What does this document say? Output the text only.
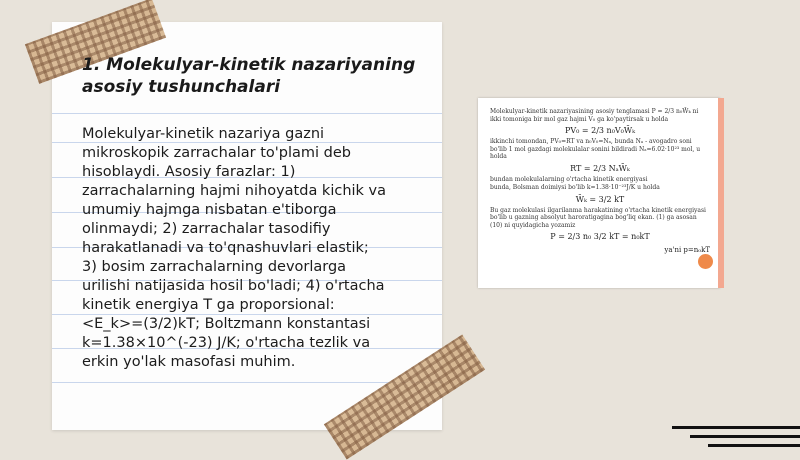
1. Molekulyar-kinetik nazariyaning asosiy tushunchalari
Molekulyar-kinetik nazariya gazni mikroskopik zarrachalar to'plami deb hisoblaydi. Asosiy farazlar: 1) zarrachalarning hajmi nihoyatda kichik va umumiy hajmga nisbatan e'tiborga olinmaydi; 2) zarrachalar tasodifiy harakatlanadi va to'qnashuvlari elastik; 3) bosim zarrachalarning devorlarga urilishi natijasida hosil bo'ladi; 4) o'rtacha kinetik energiya T ga proporsional: <E_k>=(3/2)kT; Boltzmann konstantasi k=1.38×10^(-23) J/K; o'rtacha tezlik va erkin yo'lak masofasi muhim.

Molekulyar-kinetik nazariyasining asosiy tenglamasi P = 2/3 n₀W̄ₖ ni ikki tomoniga bir mol gaz hajmi V₀ ga ko'paytirsak u holda

PV₀ = 2/3 n₀V₀W̄ₖ

ikkinchi tomondan, PV₀=RT va n₀V₀=Nₐ, bunda Nₐ - avogadro soni bo'lib 1 mol gazdagi molekulalar sonini bildiradi Nₐ=6.02·10²³ mol, u holda

RT = 2/3 NₐW̄ₖ

bundan molekulalarning o'rtacha kinetik energiyasi

bunda, Bolsman doimiysi bo'lib k=1.38·10⁻²³J/K u holda

W̄ₖ = 3/2 kT

Bu gaz molekulasi ilgarilanma harakatining o'rtacha kinetik energiyasi bo'lib u gazning absolyut haroratigagina bog'liq ekan. (1) ga asosan (10) ni quyidagicha yozamiz

P = 2/3 n₀ 3/2 kT = n₀kT
ya'ni p=n₀kT
